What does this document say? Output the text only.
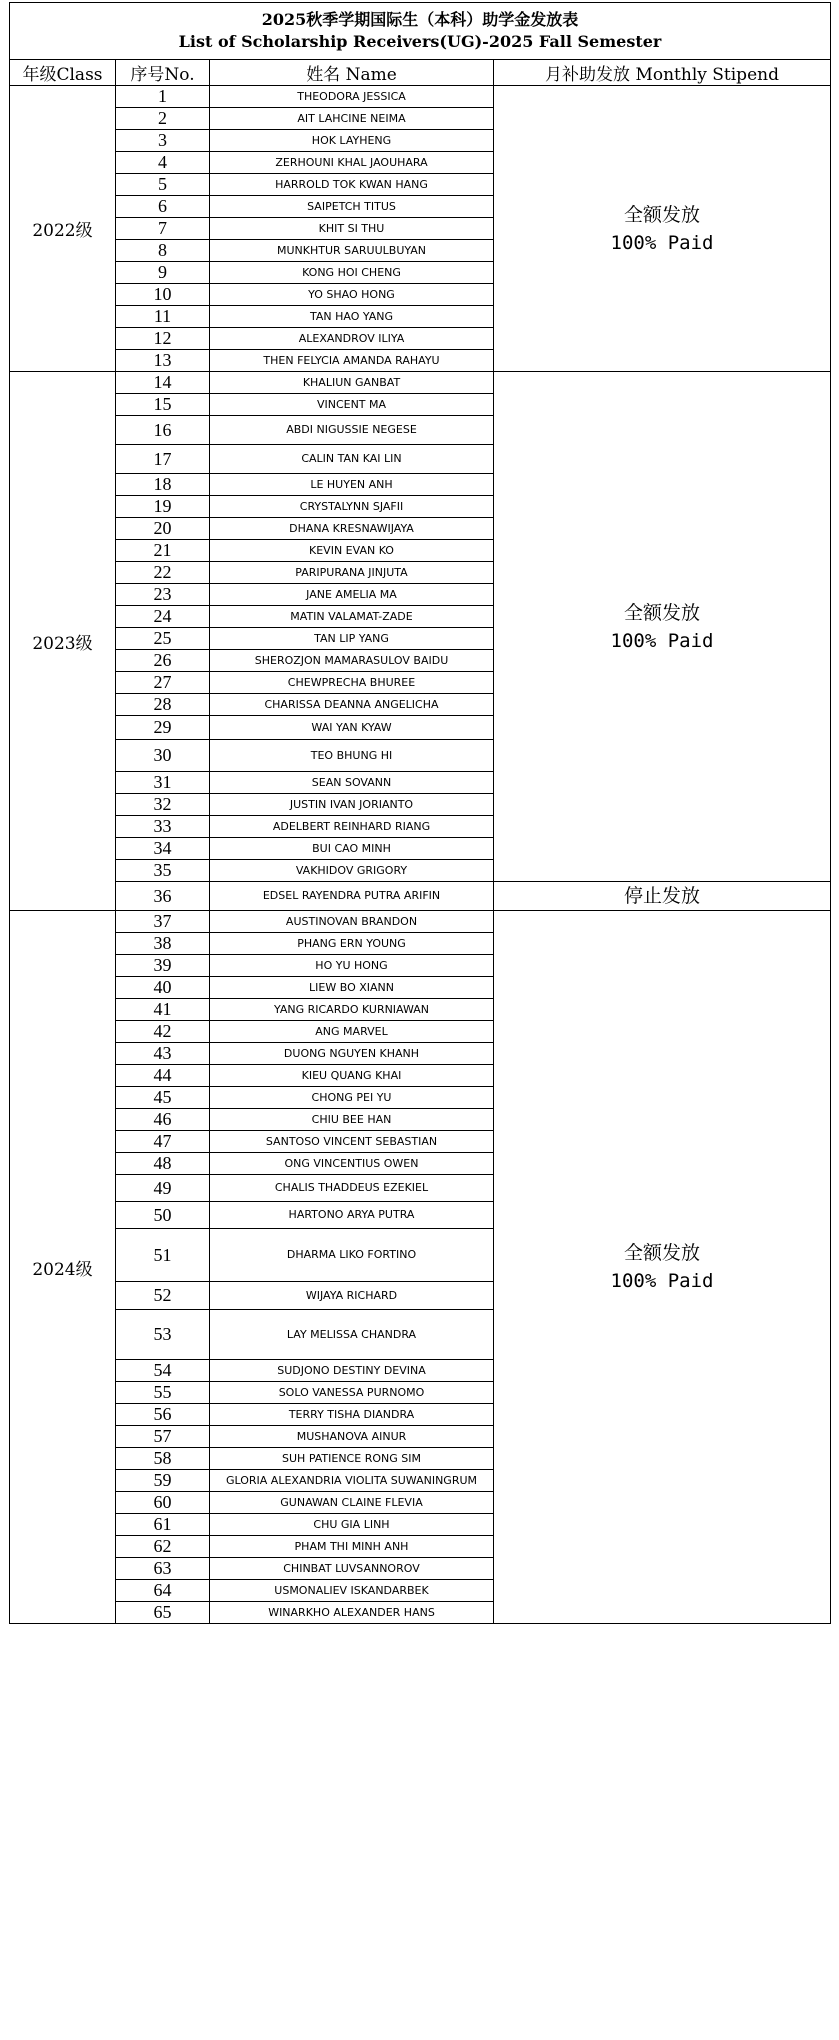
2025秋季学期国际生（本科）助学金发放表
List of Scholarship Receivers(UG)-2025 Fall Semester			

年级Class	序号No.	姓名 Name	月补助发放 Monthly Stipend
2022级	1	THEODORA JESSICA	全额发放
100% Paid

	2	AIT LAHCINE NEIMA	
	3	HOK LAYHENG	
	4	ZERHOUNI KHAL JAOUHARA	
	5	HARROLD TOK KWAN HANG	
	6	SAIPETCH TITUS	
	7	KHIT SI THU	
	8	MUNKHTUR SARUULBUYAN	
	9	KONG HOI CHENG	
	10	YO SHAO HONG	
	11	TAN HAO YANG	
	12	ALEXANDROV ILIYA	
	13	THEN FELYCIA AMANDA RAHAYU	
2023级	14	KHALIUN GANBAT	全额发放
100% Paid

	15	VINCENT MA	
	16	ABDI NIGUSSIE NEGESE	
	17	CALIN TAN KAI LIN	
	18	LE HUYEN ANH	
	19	CRYSTALYNN SJAFII	
	20	DHANA KRESNAWIJAYA	
	21	KEVIN EVAN KO	
	22	PARIPURANA JINJUTA	
	23	JANE AMELIA MA	
	24	MATIN VALAMAT-ZADE	
	25	TAN LIP YANG	
	26	SHEROZJON MAMARASULOV BAIDU	
	27	CHEWPRECHA BHUREE	
	28	CHARISSA DEANNA ANGELICHA	
	29	WAI YAN KYAW	
	30	TEO BHUNG HI	
	31	SEAN SOVANN	
	32	JUSTIN IVAN JORIANTO	
	33	ADELBERT REINHARD RIANG	
	34	BUI CAO MINH	
	35	VAKHIDOV GRIGORY	
	36	EDSEL RAYENDRA PUTRA ARIFIN	停止发放
2024级	37	AUSTINOVAN BRANDON	全额发放
100% Paid

	38	PHANG ERN YOUNG	
	39	HO YU HONG	
	40	LIEW BO XIANN	
	41	YANG RICARDO KURNIAWAN	
	42	ANG MARVEL	
	43	DUONG NGUYEN KHANH	
	44	KIEU QUANG KHAI	
	45	CHONG PEI YU	
	46	CHIU BEE HAN	
	47	SANTOSO VINCENT SEBASTIAN	
	48	ONG VINCENTIUS OWEN	
	49	CHALIS THADDEUS EZEKIEL	
	50	HARTONO ARYA PUTRA	
	51	DHARMA LIKO FORTINO	
	52	WIJAYA RICHARD	
	53	LAY MELISSA CHANDRA	
	54	SUDJONO DESTINY DEVINA	
	55	SOLO VANESSA PURNOMO	
	56	TERRY TISHA DIANDRA	
	57	MUSHANOVA AINUR	
	58	SUH PATIENCE RONG SIM	
	59	GLORIA ALEXANDRIA VIOLITA SUWANINGRUM	
	60	GUNAWAN CLAINE FLEVIA	
	61	CHU GIA LINH	
	62	PHAM THI MINH ANH	
	63	CHINBAT LUVSANNOROV	
	64	USMONALIEV ISKANDARBEK	
	65	WINARKHO ALEXANDER HANS	
